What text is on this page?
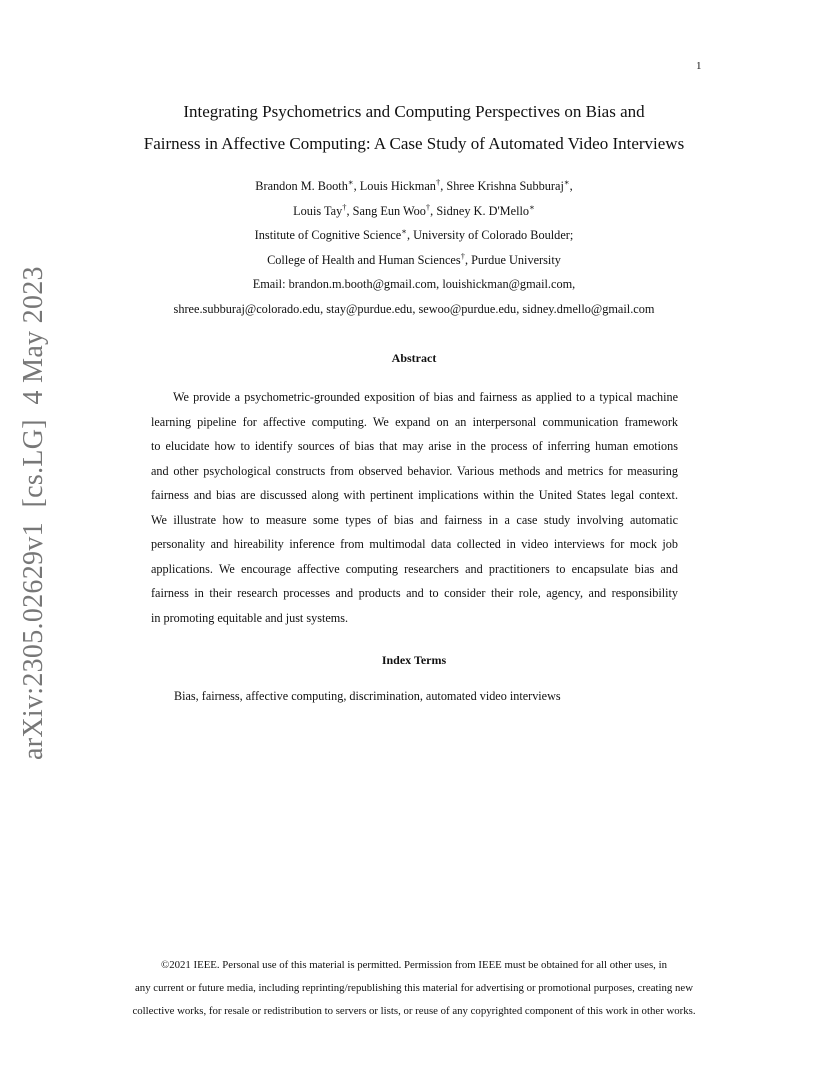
1
arXiv:2305.02629v1  [cs.LG]  4 May 2023
Integrating Psychometrics and Computing Perspectives on Bias and
Fairness in Affective Computing: A Case Study of Automated Video Interviews
Brandon M. Booth∗, Louis Hickman†, Shree Krishna Subburaj∗,
Louis Tay†, Sang Eun Woo†, Sidney K. D'Mello∗
Institute of Cognitive Science∗, University of Colorado Boulder;
College of Health and Human Sciences†, Purdue University
Email: brandon.m.booth@gmail.com, louishickman@gmail.com,
shree.subburaj@colorado.edu, stay@purdue.edu, sewoo@purdue.edu, sidney.dmello@gmail.com
Abstract
We provide a psychometric-grounded exposition of bias and fairness as applied to a typical machine
learning pipeline for affective computing. We expand on an interpersonal communication framework
to elucidate how to identify sources of bias that may arise in the process of inferring human emotions
and other psychological constructs from observed behavior. Various methods and metrics for measuring
fairness and bias are discussed along with pertinent implications within the United States legal context.
We illustrate how to measure some types of bias and fairness in a case study involving automatic
personality and hireability inference from multimodal data collected in video interviews for mock job
applications. We encourage affective computing researchers and practitioners to encapsulate bias and
fairness in their research processes and products and to consider their role, agency, and responsibility
in promoting equitable and just systems.
Index Terms
Bias, fairness, affective computing, discrimination, automated video interviews
©2021 IEEE. Personal use of this material is permitted. Permission from IEEE must be obtained for all other uses, in
any current or future media, including reprinting/republishing this material for advertising or promotional purposes, creating new
collective works, for resale or redistribution to servers or lists, or reuse of any copyrighted component of this work in other works.
